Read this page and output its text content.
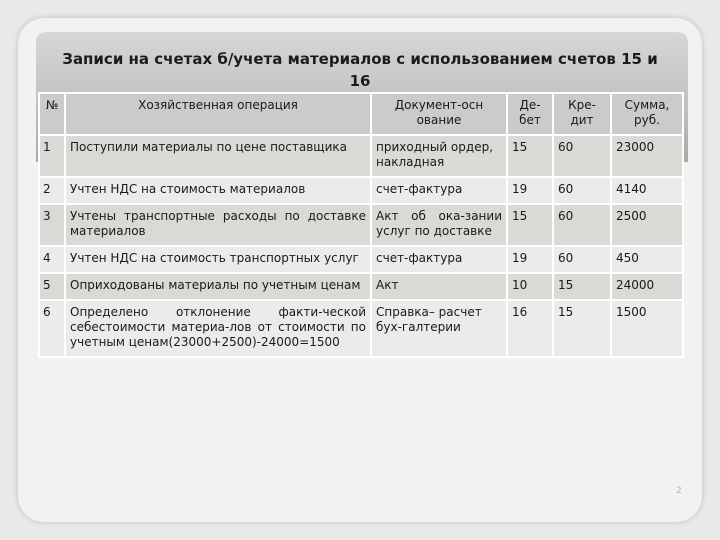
Записи на счетах б/учета материалов с использованием счетов 15 и 16
№	Хозяйственная операция	Документ-осн ование	Де- бет	Кре- дит	Сумма, руб.
1	Поступили материалы по цене поставщика	приходный ордер, накладная	15	60	23000
2	Учтен НДС на стоимость материалов	счет-фактура	19	60	4140
3	Учтены транспортные расходы по доставке материалов	Акт об ока-зании услуг по доставке	15	60	2500
4	Учтен НДС на стоимость транспортных услуг	счет-фактура	19	60	450
5	Оприходованы материалы по учетным ценам	Акт	10	15	24000
6	Определено отклонение факти-ческой себестоимости материа-лов от стоимости по учетным ценам(23000+2500)-24000=1500	Справка– расчет бух-галтерии	16	15	1500
2
